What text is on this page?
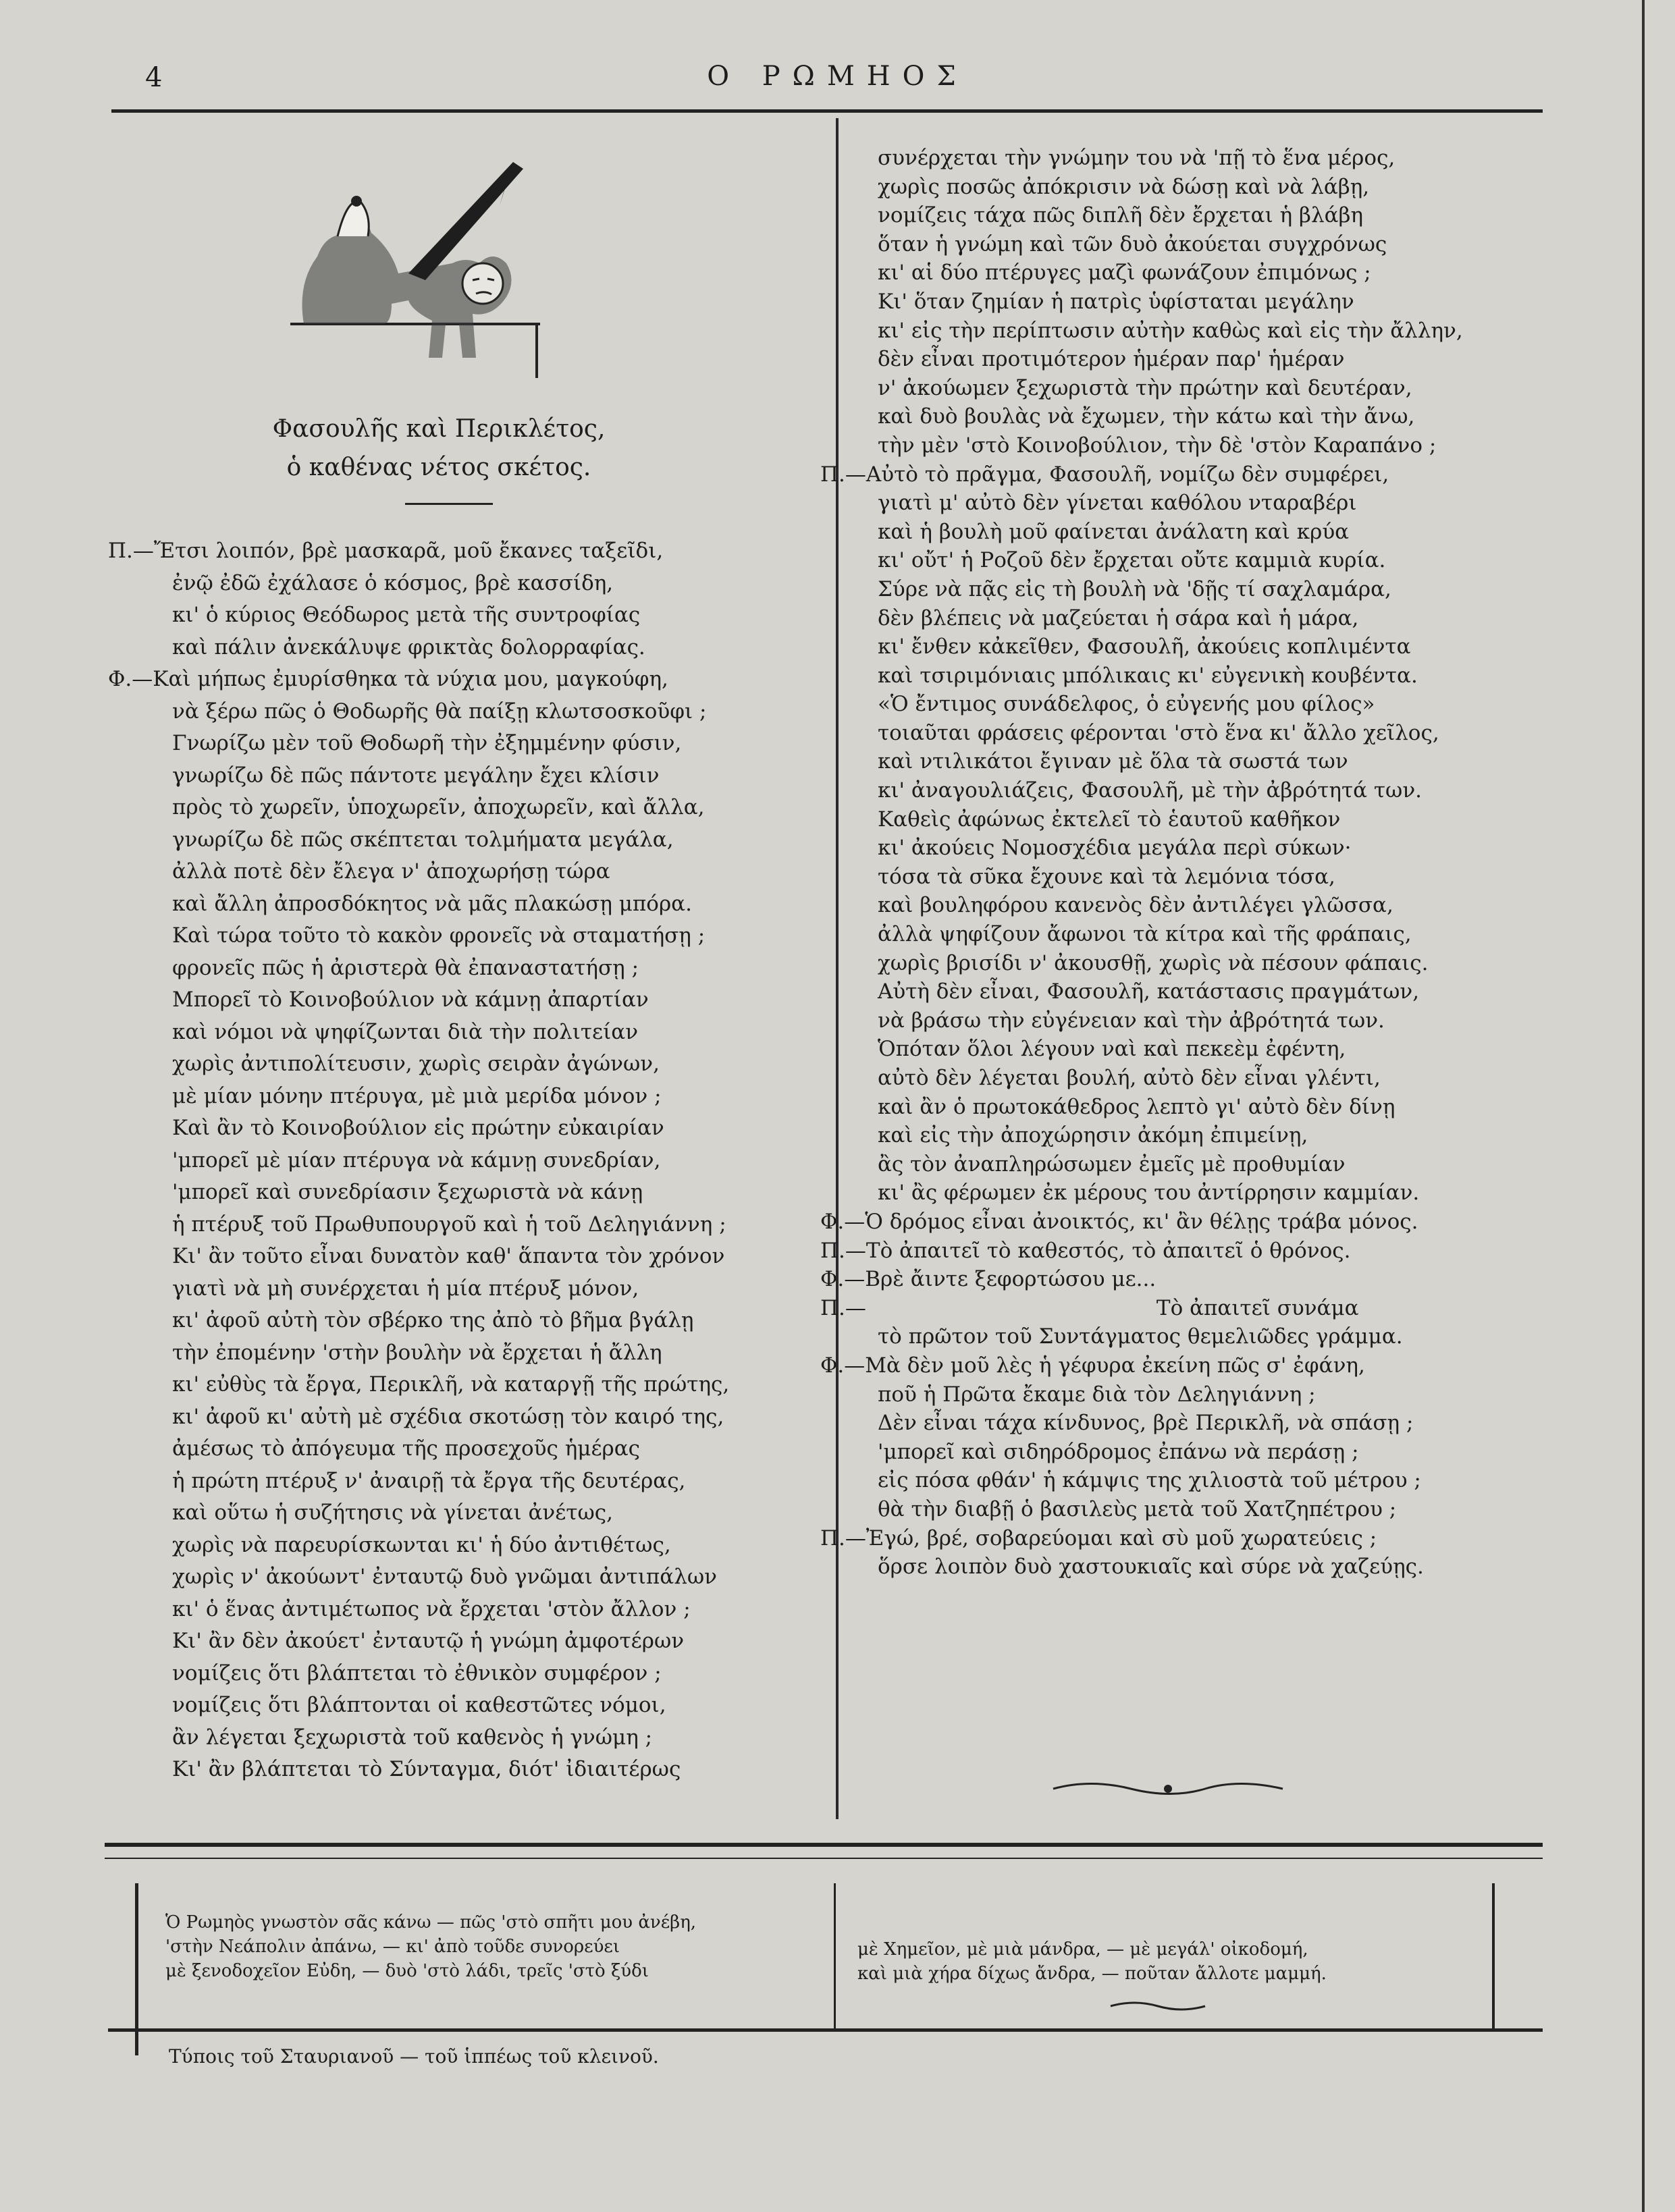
4	Ο ΡΩΜΗΟΣ
Φασουλῆς καὶ Περικλέτος,
ὁ καθένας νέτος σκέτος.
Π.—Ἔτσι λοιπόν, βρὲ μασκαρᾶ, μοῦ ἔκανες ταξεῖδι,
ἐνῷ ἐδῶ ἐχάλασε ὁ κόσμος, βρὲ κασσίδη,
κι' ὁ κύριος Θεόδωρος μετὰ τῆς συντροφίας
καὶ πάλιν ἀνεκάλυψε φρικτὰς δολορραφίας.
Φ.—Καὶ μήπως ἐμυρίσθηκα τὰ νύχια μου, μαγκούφη,
νὰ ξέρω πῶς ὁ Θοδωρῆς θὰ παίξῃ κλωτσοσκοῦφι ;
Γνωρίζω μὲν τοῦ Θοδωρῆ τὴν ἐξημμένην φύσιν,
γνωρίζω δὲ πῶς πάντοτε μεγάλην ἔχει κλίσιν
πρὸς τὸ χωρεῖν, ὑποχωρεῖν, ἀποχωρεῖν, καὶ ἄλλα,
γνωρίζω δὲ πῶς σκέπτεται τολμήματα μεγάλα,
ἀλλὰ ποτὲ δὲν ἔλεγα ν' ἀποχωρήσῃ τώρα
καὶ ἄλλη ἀπροσδόκητος νὰ μᾶς πλακώσῃ μπόρα.
Καὶ τώρα τοῦτο τὸ κακὸν φρονεῖς νὰ σταματήσῃ ;
φρονεῖς πῶς ἡ ἀριστερὰ θὰ ἐπαναστατήσῃ ;
Μπορεῖ τὸ Κοινοβούλιον νὰ κάμνῃ ἀπαρτίαν
καὶ νόμοι νὰ ψηφίζωνται διὰ τὴν πολιτείαν
χωρὶς ἀντιπολίτευσιν, χωρὶς σειρὰν ἀγώνων,
μὲ μίαν μόνην πτέρυγα, μὲ μιὰ μερίδα μόνον ;
Καὶ ἂν τὸ Κοινοβούλιον εἰς πρώτην εὐκαιρίαν
'μπορεῖ μὲ μίαν πτέρυγα νὰ κάμνῃ συνεδρίαν,
'μπορεῖ καὶ συνεδρίασιν ξεχωριστὰ νὰ κάνῃ
ἡ πτέρυξ τοῦ Πρωθυπουργοῦ καὶ ἡ τοῦ Δεληγιάννη ;
Κι' ἂν τοῦτο εἶναι δυνατὸν καθ' ἅπαντα τὸν χρόνον
γιατὶ νὰ μὴ συνέρχεται ἡ μία πτέρυξ μόνον,
κι' ἀφοῦ αὐτὴ τὸν σβέρκο της ἀπὸ τὸ βῆμα βγάλῃ
τὴν ἐπομένην 'στὴν βουλὴν νὰ ἔρχεται ἡ ἄλλη
κι' εὐθὺς τὰ ἔργα, Περικλῆ, νὰ καταργῇ τῆς πρώτης,
κι' ἀφοῦ κι' αὐτὴ μὲ σχέδια σκοτώσῃ τὸν καιρό της,
ἀμέσως τὸ ἀπόγευμα τῆς προσεχοῦς ἡμέρας
ἡ πρώτη πτέρυξ ν' ἀναιρῇ τὰ ἔργα τῆς δευτέρας,
καὶ οὕτω ἡ συζήτησις νὰ γίνεται ἀνέτως,
χωρὶς νὰ παρευρίσκωνται κι' ἡ δύο ἀντιθέτως,
χωρὶς ν' ἀκούωντ' ἐνταυτῷ δυὸ γνῶμαι ἀντιπάλων
κι' ὁ ἕνας ἀντιμέτωπος νὰ ἔρχεται 'στὸν ἄλλον ;
Κι' ἂν δὲν ἀκούετ' ἐνταυτῷ ἡ γνώμη ἀμφοτέρων
νομίζεις ὅτι βλάπτεται τὸ ἐθνικὸν συμφέρον ;
νομίζεις ὅτι βλάπτονται οἱ καθεστῶτες νόμοι,
ἂν λέγεται ξεχωριστὰ τοῦ καθενὸς ἡ γνώμη ;
Κι' ἂν βλάπτεται τὸ Σύνταγμα, διότ' ἰδιαιτέρως
συνέρχεται τὴν γνώμην του νὰ 'πῇ τὸ ἕνα μέρος,
χωρὶς ποσῶς ἀπόκρισιν νὰ δώσῃ καὶ νὰ λάβῃ,
νομίζεις τάχα πῶς διπλῆ δὲν ἔρχεται ἡ βλάβη
ὅταν ἡ γνώμη καὶ τῶν δυὸ ἀκούεται συγχρόνως
κι' αἱ δύο πτέρυγες μαζὶ φωνάζουν ἐπιμόνως ;
Κι' ὅταν ζημίαν ἡ πατρὶς ὑφίσταται μεγάλην
κι' εἰς τὴν περίπτωσιν αὐτὴν καθὼς καὶ εἰς τὴν ἄλλην,
δὲν εἶναι προτιμότερον ἡμέραν παρ' ἡμέραν
ν' ἀκούωμεν ξεχωριστὰ τὴν πρώτην καὶ δευτέραν,
καὶ δυὸ βουλὰς νὰ ἔχωμεν, τὴν κάτω καὶ τὴν ἄνω,
τὴν μὲν 'στὸ Κοινοβούλιον, τὴν δὲ 'στὸν Καραπάνο ;
Π.—Αὐτὸ τὸ πρᾶγμα, Φασουλῆ, νομίζω δὲν συμφέρει,
γιατὶ μ' αὐτὸ δὲν γίνεται καθόλου νταραβέρι
καὶ ἡ βουλὴ μοῦ φαίνεται ἀνάλατη καὶ κρύα
κι' οὔτ' ἡ Ροζοῦ δὲν ἔρχεται οὔτε καμμιὰ κυρία.
Σύρε νὰ πᾷς εἰς τὴ βουλὴ νὰ 'δῇς τί σαχλαμάρα,
δὲν βλέπεις νὰ μαζεύεται ἡ σάρα καὶ ἡ μάρα,
κι' ἔνθεν κἀκεῖθεν, Φασουλῆ, ἀκούεις κοπλιμέντα
καὶ τσιριμόνιαις μπόλικαις κι' εὐγενικὴ κουβέντα.
«Ὁ ἔντιμος συνάδελφος, ὁ εὐγενής μου φίλος»
τοιαῦται φράσεις φέρονται 'στὸ ἕνα κι' ἄλλο χεῖλος,
καὶ ντιλικάτοι ἔγιναν μὲ ὅλα τὰ σωστά των
κι' ἀναγουλιάζεις, Φασουλῆ, μὲ τὴν ἀβρότητά των.
Καθεὶς ἀφώνως ἐκτελεῖ τὸ ἑαυτοῦ καθῆκον
κι' ἀκούεις Νομοσχέδια μεγάλα περὶ σύκων·
τόσα τὰ σῦκα ἔχουνε καὶ τὰ λεμόνια τόσα,
καὶ βουληφόρου κανενὸς δὲν ἀντιλέγει γλῶσσα,
ἀλλὰ ψηφίζουν ἄφωνοι τὰ κίτρα καὶ τῆς φράπαις,
χωρὶς βρισίδι ν' ἀκουσθῇ, χωρὶς νὰ πέσουν φάπαις.
Αὐτὴ δὲν εἶναι, Φασουλῆ, κατάστασις πραγμάτων,
νὰ βράσω τὴν εὐγένειαν καὶ τὴν ἀβρότητά των.
Ὁπόταν ὅλοι λέγουν ναὶ καὶ πεκεὲμ ἐφέντη,
αὐτὸ δὲν λέγεται βουλή, αὐτὸ δὲν εἶναι γλέντι,
καὶ ἂν ὁ πρωτοκάθεδρος λεπτὸ γι' αὐτὸ δὲν δίνῃ
καὶ εἰς τὴν ἀποχώρησιν ἀκόμη ἐπιμείνῃ,
ἂς τὸν ἀναπληρώσωμεν ἐμεῖς μὲ προθυμίαν
κι' ἂς φέρωμεν ἐκ μέρους του ἀντίρρησιν καμμίαν.
Φ.—Ὁ δρόμος εἶναι ἀνοικτός, κι' ἂν θέλῃς τράβα μόνος.
Π.—Τὸ ἀπαιτεῖ τὸ καθεστός, τὸ ἀπαιτεῖ ὁ θρόνος.
Φ.—Βρὲ ἄιντε ξεφορτώσου με...
Π.—	Τὸ ἀπαιτεῖ συνάμα
τὸ πρῶτον τοῦ Συντάγματος θεμελιῶδες γράμμα.
Φ.—Μὰ δὲν μοῦ λὲς ἡ γέφυρα ἐκείνη πῶς σ' ἐφάνη,
ποῦ ἡ Πρῶτα ἔκαμε διὰ τὸν Δεληγιάννη ;
Δὲν εἶναι τάχα κίνδυνος, βρὲ Περικλῆ, νὰ σπάσῃ ;
'μπορεῖ καὶ σιδηρόδρομος ἐπάνω νὰ περάσῃ ;
εἰς πόσα φθάν' ἡ κάμψις της χιλιοστὰ τοῦ μέτρου ;
θὰ τὴν διαβῇ ὁ βασιλεὺς μετὰ τοῦ Χατζηπέτρου ;
Π.—Ἐγώ, βρέ, σοβαρεύομαι καὶ σὺ μοῦ χωρατεύεις ;
ὅρσε λοιπὸν δυὸ χαστουκιαῖς καὶ σύρε νὰ χαζεύῃς.
Ὁ Ρωμηὸς γνωστὸν σᾶς κάνω — πῶς 'στὸ σπῆτι μου ἀνέβη,
'στὴν Νεάπολιν ἀπάνω, — κι' ἀπὸ τοῦδε συνορεύει
μὲ ξενοδοχεῖον Εὐδη, — δυὸ 'στὸ λάδι, τρεῖς 'στὸ ξύδι
μὲ Χημεῖον, μὲ μιὰ μάνδρα, — μὲ μεγάλ' οἰκοδομή,
καὶ μιὰ χήρα δίχως ἄνδρα, — ποῦταν ἄλλοτε μαμμή.
Τύποις τοῦ Σταυριανοῦ — τοῦ ἱππέως τοῦ κλεινοῦ.
